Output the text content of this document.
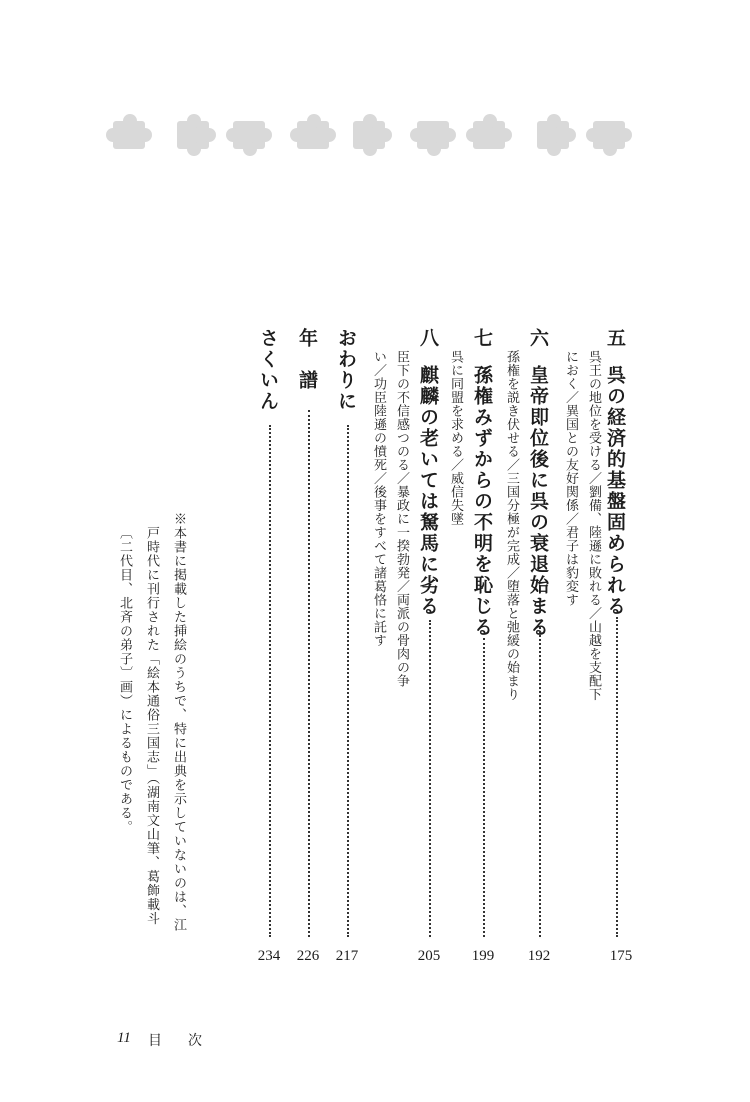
五
呉の経済的基盤固められる
呉王の地位を受ける／劉備、陸遜に敗れる／山越を支配下
におく／異国との友好関係／君子は豹変す
175
六
皇帝即位後に呉の衰退始まる
孫権を説き伏せる／三国分極が完成／堕落と弛緩の始まり
192
七
孫権みずからの不明を恥じる
呉に同盟を求める／威信失墜
199
八
麒麟の老いては駑馬に劣る
臣下の不信感つのる／暴政に一揆勃発／両派の骨肉の争
い／功臣陸遜の憤死／後事をすべて諸葛恪に託す
205
おわりに
217
年　譜
226
さくいん
234
※本書に掲載した挿絵のうちで、特に出典を示していないのは、江
戸時代に刊行された「絵本通俗三国志」（湖南文山筆、葛飾載斗
〔二代目、北斉の弟子〕画）によるものである。
11 目　次
